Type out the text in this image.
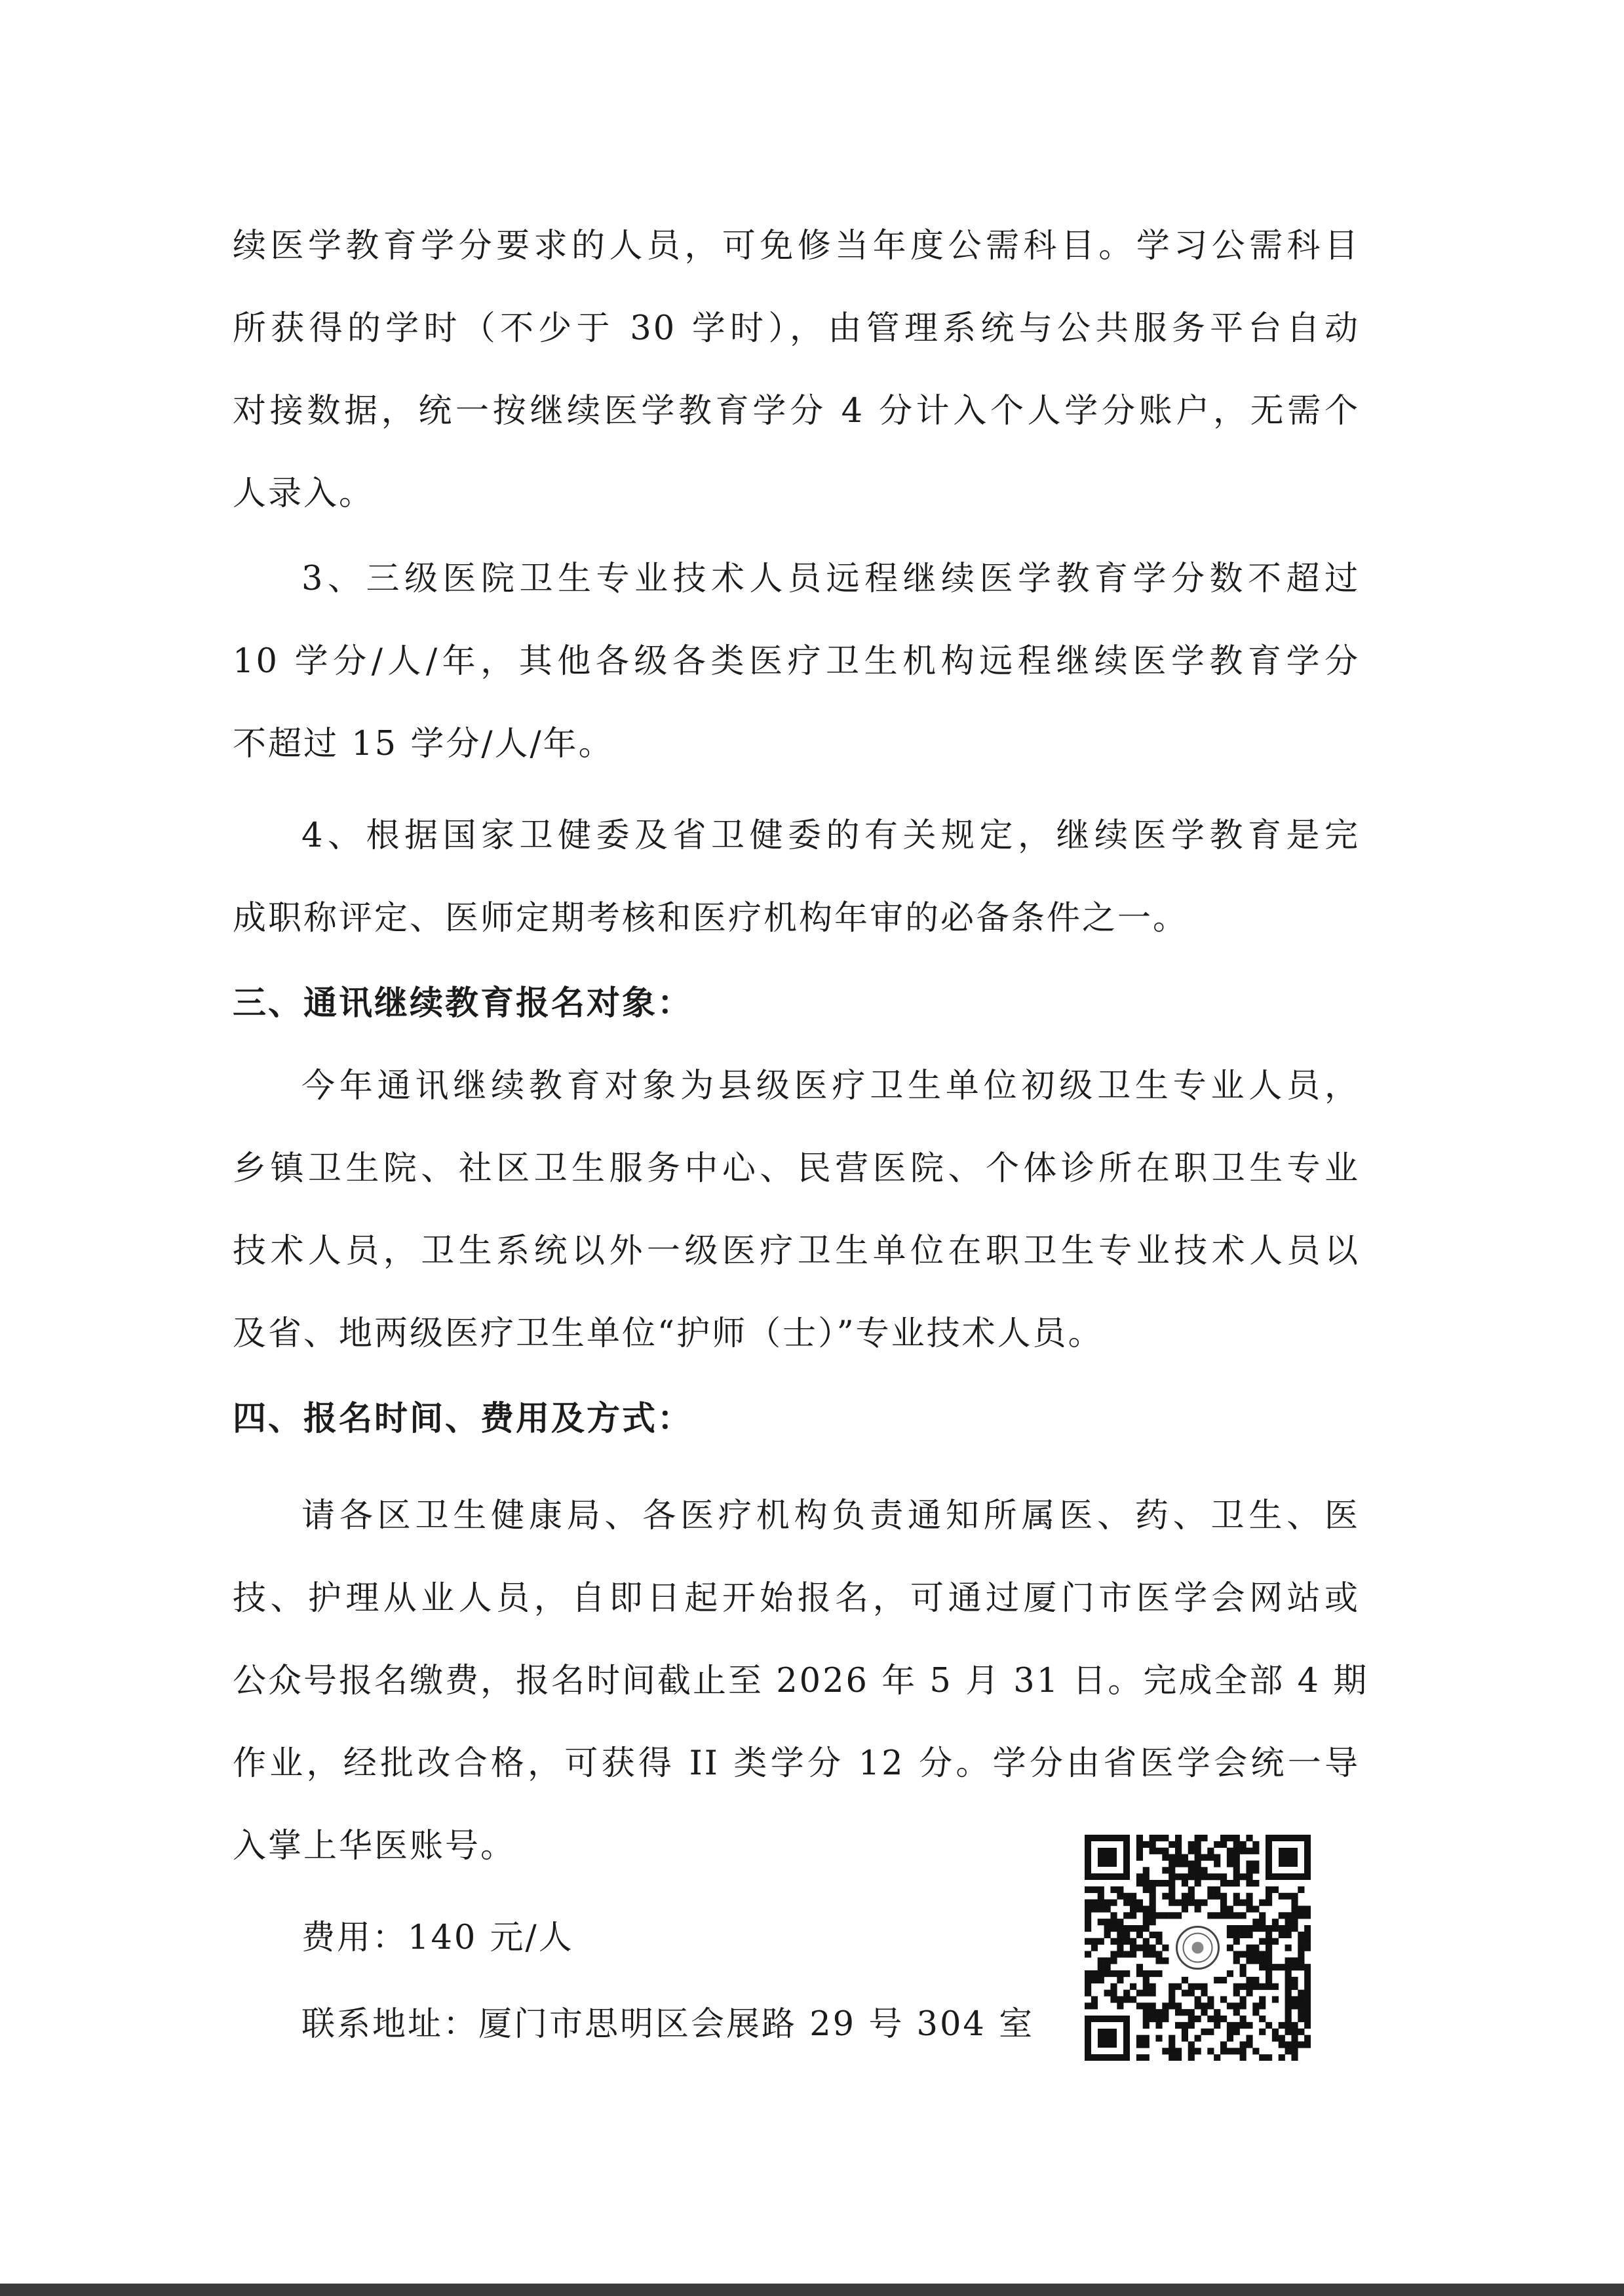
续医学教育学分要求的人员，可免修当年度公需科目。学习公需科目
所获得的学时（不少于 30 学时），由管理系统与公共服务平台自动
对接数据，统一按继续医学教育学分 4 分计入个人学分账户，无需个
人录入。
3、三级医院卫生专业技术人员远程继续医学教育学分数不超过
10 学分/人/年，其他各级各类医疗卫生机构远程继续医学教育学分
不超过 15 学分/人/年。
4、根据国家卫健委及省卫健委的有关规定，继续医学教育是完
成职称评定、医师定期考核和医疗机构年审的必备条件之一。
三、通讯继续教育报名对象：
今年通讯继续教育对象为县级医疗卫生单位初级卫生专业人员，
乡镇卫生院、社区卫生服务中心、民营医院、个体诊所在职卫生专业
技术人员，卫生系统以外一级医疗卫生单位在职卫生专业技术人员以
及省、地两级医疗卫生单位“护师（士）”专业技术人员。
四、报名时间、费用及方式：
请各区卫生健康局、各医疗机构负责通知所属医、药、卫生、医
技、护理从业人员，自即日起开始报名，可通过厦门市医学会网站或
公众号报名缴费，报名时间截止至 2026 年 5 月 31 日。完成全部 4 期
作业，经批改合格，可获得 II 类学分 12 分。学分由省医学会统一导
入掌上华医账号。
费用：140 元/人
联系地址：厦门市思明区会展路 29 号 304 室
